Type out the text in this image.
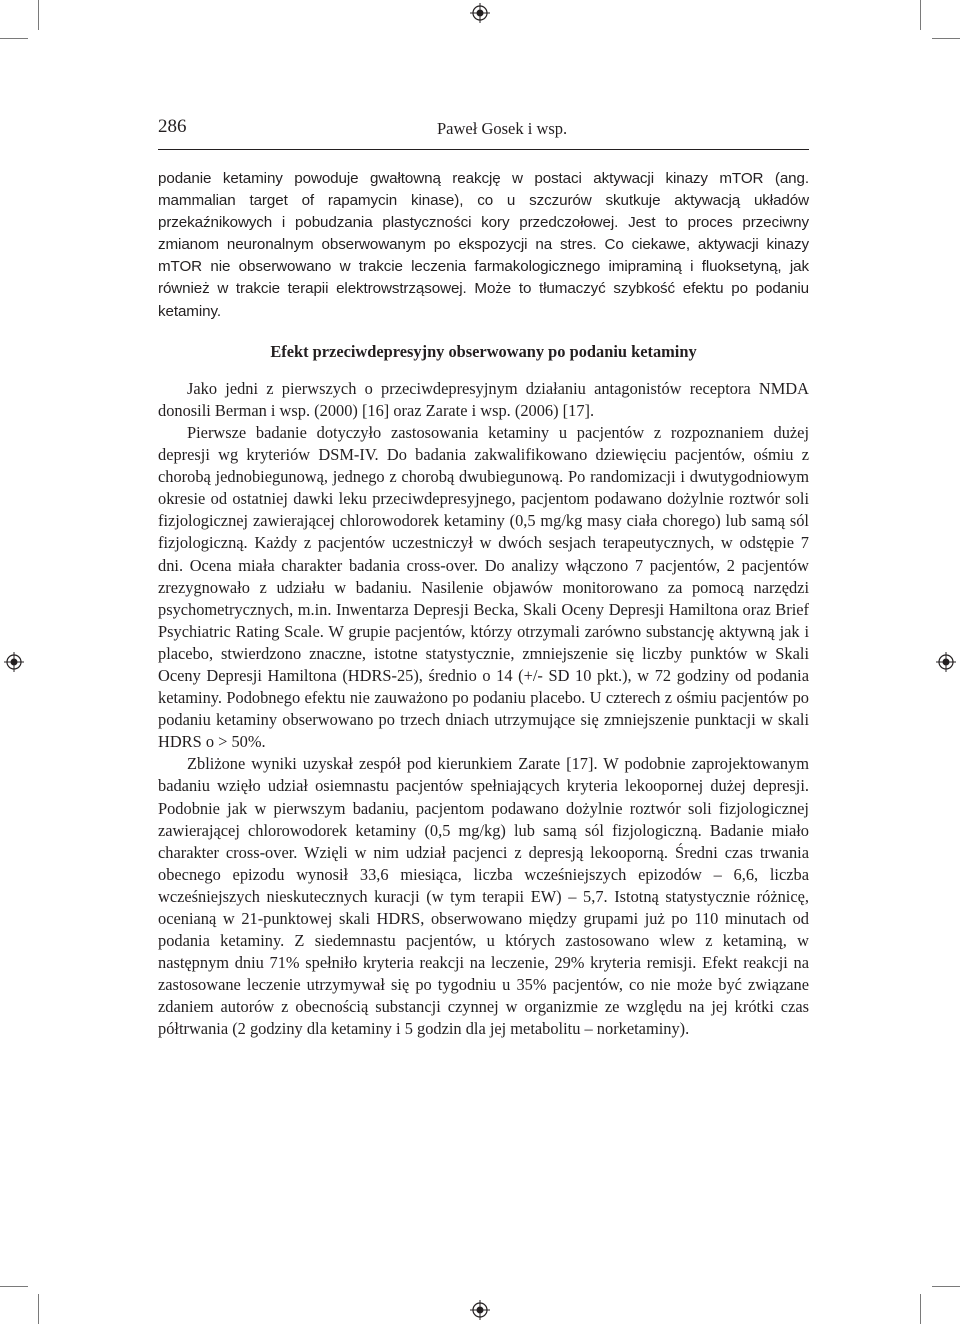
286	Paweł Gosek i wsp.

podanie ketaminy powoduje gwałtowną reakcję w postaci aktywacji kinazy mTOR (ang. mammalian target of rapamycin kinase), co u szczurów skutkuje aktywacją układów przekaźnikowych i pobudzania plastyczności kory przedczołowej. Jest to proces przeciwny zmianom neuronalnym obserwowanym po ekspozycji na stres. Co ciekawe, aktywacji kinazy mTOR nie obserwowano w trakcie leczenia farmakologicznego imipraminą i fluoksetyną, jak również w trakcie terapii elektrowstrząsowej. Może to tłumaczyć szybkość efektu po podaniu ketaminy.

Efekt przeciwdepresyjny obserwowany po podaniu ketaminy

Jako jedni z pierwszych o przeciwdepresyjnym działaniu antagonistów receptora NMDA donosili Berman i wsp. (2000) [16] oraz Zarate i wsp. (2006) [17].

Pierwsze badanie dotyczyło zastosowania ketaminy u pacjentów z rozpoznaniem dużej depresji wg kryteriów DSM-IV. Do badania zakwalifikowano dziewięciu pacjentów, ośmiu z chorobą jednobiegunową, jednego z chorobą dwubiegunową. Po randomizacji i dwutygodniowym okresie od ostatniej dawki leku przeciwdepresyjnego, pacjentom podawano dożylnie roztwór soli fizjologicznej zawierającej chlorowodorek ketaminy (0,5 mg/kg masy ciała chorego) lub samą sól fizjologiczną. Każdy z pacjentów uczestniczył w dwóch sesjach terapeutycznych, w odstępie 7 dni. Ocena miała charakter badania cross-over. Do analizy włączono 7 pacjentów, 2 pacjentów zrezygnowało z udziału w badaniu. Nasilenie objawów monitorowano za pomocą narzędzi psychometrycznych, m.in. Inwentarza Depresji Becka, Skali Oceny Depresji Hamiltona oraz Brief Psychiatric Rating Scale. W grupie pacjentów, którzy otrzymali zarówno substancję aktywną jak i placebo, stwierdzono znaczne, istotne statystycznie, zmniejszenie się liczby punktów w Skali Oceny Depresji Hamiltona (HDRS-25), średnio o 14 (+/- SD 10 pkt.), w 72 godziny od podania ketaminy. Podobnego efektu nie zauważono po podaniu placebo. U czterech z ośmiu pacjentów po podaniu ketaminy obserwowano po trzech dniach utrzymujące się zmniejszenie punktacji w skali HDRS o > 50%.

Zbliżone wyniki uzyskał zespół pod kierunkiem Zarate [17]. W podobnie zaprojektowanym badaniu wzięło udział osiemnastu pacjentów spełniających kryteria lekoopornej dużej depresji. Podobnie jak w pierwszym badaniu, pacjentom podawano dożylnie roztwór soli fizjologicznej zawierającej chlorowodorek ketaminy (0,5 mg/kg) lub samą sól fizjologiczną. Badanie miało charakter cross-over. Wzięli w nim udział pacjenci z depresją lekooporną. Średni czas trwania obecnego epizodu wynosił 33,6 miesiąca, liczba wcześniejszych epizodów – 6,6, liczba wcześniejszych nieskutecznych kuracji (w tym terapii EW) – 5,7. Istotną statystycznie różnicę, ocenianą w 21-punktowej skali HDRS, obserwowano między grupami już po 110 minutach od podania ketaminy. Z siedemnastu pacjentów, u których zastosowano wlew z ketaminą, w następnym dniu 71% spełniło kryteria reakcji na leczenie, 29% kryteria remisji. Efekt reakcji na zastosowane leczenie utrzymywał się po tygodniu u 35% pacjentów, co nie może być związane zdaniem autorów z obecnością substancji czynnej w organizmie ze względu na jej krótki czas półtrwania (2 godziny dla ketaminy i 5 godzin dla jej metabolitu – norketaminy).
